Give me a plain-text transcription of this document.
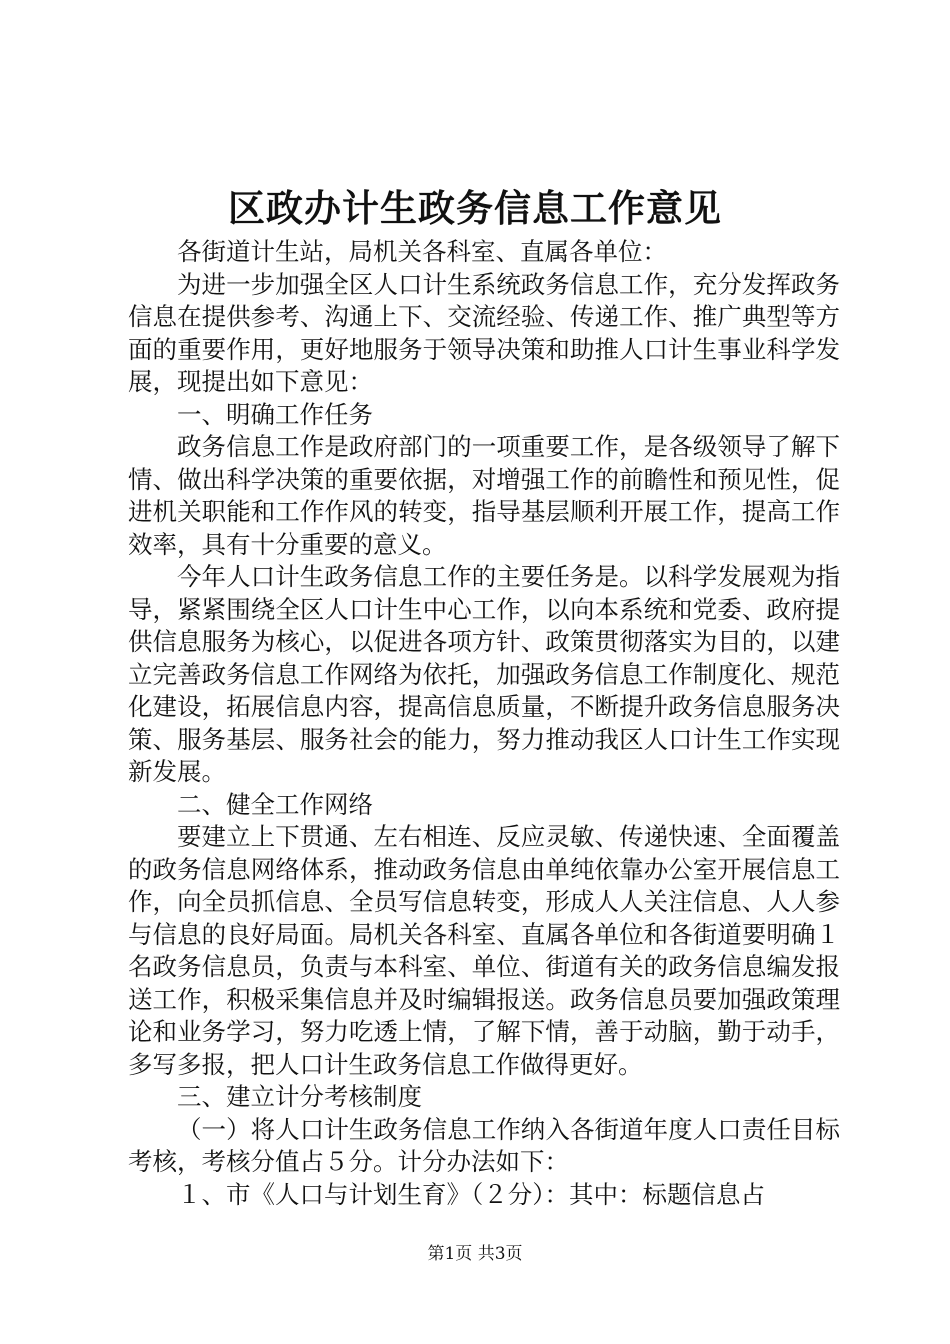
区政办计生政务信息工作意见

各街道计生站，局机关各科室、直属各单位：

为进一步加强全区人口计生系统政务信息工作，充分发挥政务信息在提供参考、沟通上下、交流经验、传递工作、推广典型等方面的重要作用，更好地服务于领导决策和助推人口计生事业科学发展，现提出如下意见：

一、明确工作任务

政务信息工作是政府部门的一项重要工作，是各级领导了解下情、做出科学决策的重要依据，对增强工作的前瞻性和预见性，促进机关职能和工作作风的转变，指导基层顺利开展工作，提高工作效率，具有十分重要的意义。

今年人口计生政务信息工作的主要任务是。以科学发展观为指导，紧紧围绕全区人口计生中心工作，以向本系统和党委、政府提供信息服务为核心，以促进各项方针、政策贯彻落实为目的，以建立完善政务信息工作网络为依托，加强政务信息工作制度化、规范化建设，拓展信息内容，提高信息质量，不断提升政务信息服务决策、服务基层、服务社会的能力，努力推动我区人口计生工作实现新发展。

二、健全工作网络

要建立上下贯通、左右相连、反应灵敏、传递快速、全面覆盖的政务信息网络体系，推动政务信息由单纯依靠办公室开展信息工作，向全员抓信息、全员写信息转变，形成人人关注信息、人人参与信息的良好局面。局机关各科室、直属各单位和各街道要明确１名政务信息员，负责与本科室、单位、街道有关的政务信息编发报送工作，积极采集信息并及时编辑报送。政务信息员要加强政策理论和业务学习，努力吃透上情，了解下情，善于动脑，勤于动手，多写多报，把人口计生政务信息工作做得更好。

三、建立计分考核制度

（一）将人口计生政务信息工作纳入各街道年度人口责任目标考核，考核分值占５分。计分办法如下：

１、市《人口与计划生育》（２分）：其中：标题信息占

第1页 共3页
